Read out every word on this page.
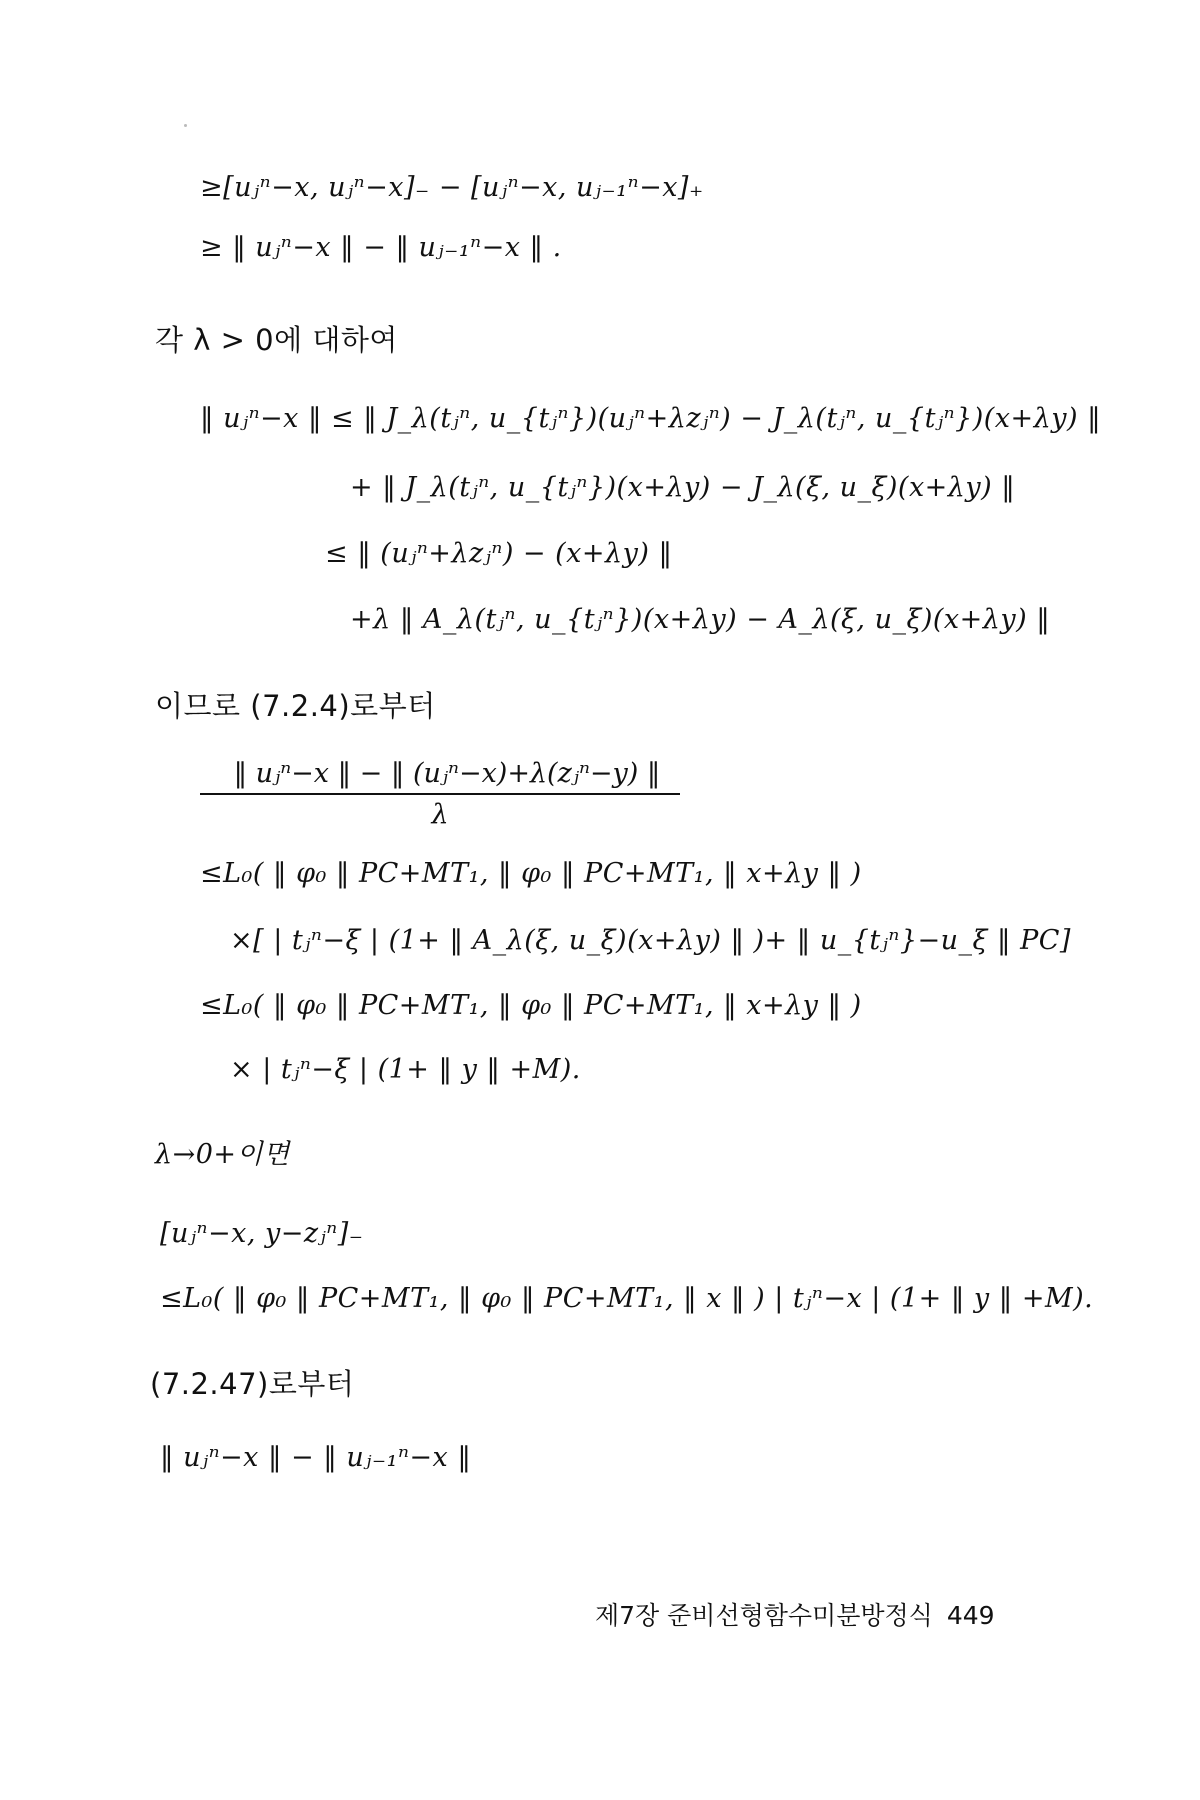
≥[uⱼⁿ−x, uⱼⁿ−x]₋ − [uⱼⁿ−x, uⱼ₋₁ⁿ−x]₊
≥ ‖ uⱼⁿ−x ‖ − ‖ uⱼ₋₁ⁿ−x ‖ .
각 λ > 0에 대하여
‖ uⱼⁿ−x ‖ ≤ ‖ J_λ(tⱼⁿ, u_{tⱼⁿ})(uⱼⁿ+λzⱼⁿ) − J_λ(tⱼⁿ, u_{tⱼⁿ})(x+λy) ‖
+ ‖ J_λ(tⱼⁿ, u_{tⱼⁿ})(x+λy) − J_λ(ξ, u_ξ)(x+λy) ‖
≤ ‖ (uⱼⁿ+λzⱼⁿ) − (x+λy) ‖
+λ ‖ A_λ(tⱼⁿ, u_{tⱼⁿ})(x+λy) − A_λ(ξ, u_ξ)(x+λy) ‖
이므로 (7.2.4)로부터
‖ uⱼⁿ−x ‖ − ‖ (uⱼⁿ−x)+λ(zⱼⁿ−y) ‖
λ
≤L₀( ‖ φ₀ ‖ PC+MT₁, ‖ φ₀ ‖ PC+MT₁, ‖ x+λy ‖ )
×[ | tⱼⁿ−ξ | (1+ ‖ A_λ(ξ, u_ξ)(x+λy) ‖ )+ ‖ u_{tⱼⁿ}−u_ξ ‖ PC]
≤L₀( ‖ φ₀ ‖ PC+MT₁, ‖ φ₀ ‖ PC+MT₁, ‖ x+λy ‖ )
× | tⱼⁿ−ξ | (1+ ‖ y ‖ +M).
λ→0+이면
[uⱼⁿ−x, y−zⱼⁿ]₋
≤L₀( ‖ φ₀ ‖ PC+MT₁, ‖ φ₀ ‖ PC+MT₁, ‖ x ‖ ) | tⱼⁿ−x | (1+ ‖ y ‖ +M).
(7.2.47)로부터
‖ uⱼⁿ−x ‖ − ‖ uⱼ₋₁ⁿ−x ‖
제7장 준비선형함수미분방정식 449
